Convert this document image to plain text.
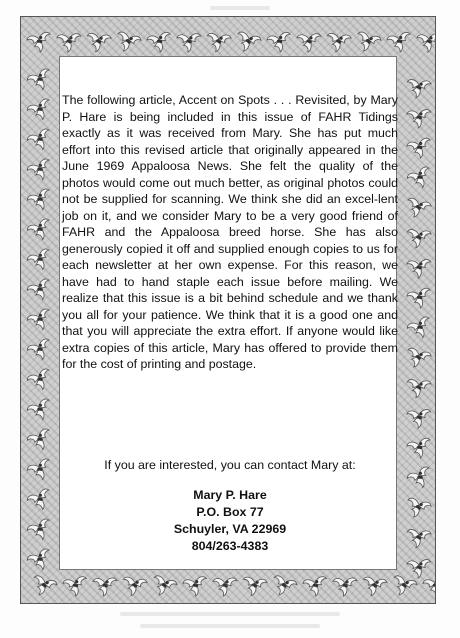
The following article, Accent on Spots . . . Revisited, by Mary P. Hare is being included in this issue of FAHR Tidings exactly as it was received from Mary. She has put much effort into this revised article that originally appeared in the June 1969 Appaloosa News. She felt the quality of the photos would come out much better, as original photos could not be supplied for scanning. We think she did an excel-lent job on it, and we consider Mary to be a very good friend of FAHR and the Appaloosa breed horse. She has also generously copied it off and supplied enough copies to us for each newsletter at her own expense. For this reason, we have had to hand staple each issue before mailing. We realize that this issue is a bit behind schedule and we thank you all for your patience. We think that it is a good one and that you will appreciate the extra effort. If anyone would like extra copies of this article, Mary has offered to provide them for the cost of printing and postage.

If you are interested, you can contact Mary at:

Mary P. Hare
P.O. Box 77
Schuyler, VA 22969
804/263-4383
